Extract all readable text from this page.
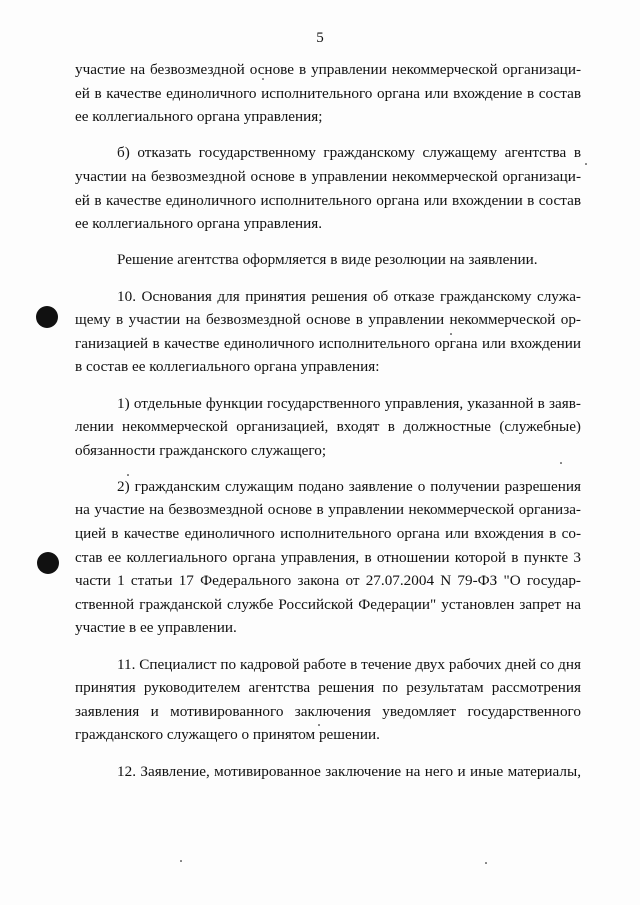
5

участие на безвозмездной основе в управлении некоммерческой организаци-
ей в качестве единоличного исполнительного органа или вхождение в состав
ее коллегиального органа управления;

б) отказать государственному гражданскому служащему агентства в
участии на безвозмездной основе в управлении некоммерческой организаци-
ей в качестве единоличного исполнительного органа или вхождении в состав
ее коллегиального органа управления.

Решение агентства оформляется в виде резолюции на заявлении.

10. Основания для принятия решения об отказе гражданскому служа-
щему в участии на безвозмездной основе в управлении некоммерческой ор-
ганизацией в качестве единоличного исполнительного органа или вхождении
в состав ее коллегиального органа управления:

1) отдельные функции государственного управления, указанной в заяв-
лении некоммерческой организацией, входят в должностные (служебные)
обязанности гражданского служащего;

2) гражданским служащим подано заявление о получении разрешения
на участие на безвозмездной основе в управлении некоммерческой организа-
цией в качестве единоличного исполнительного органа или вхождения в со-
став ее коллегиального органа управления, в отношении которой в пункте 3
части 1 статьи 17 Федерального закона от 27.07.2004 N 79-ФЗ "О государ-
ственной гражданской службе Российской Федерации" установлен запрет на
участие в ее управлении.

11. Специалист по кадровой работе в течение двух рабочих дней со дня
принятия руководителем агентства решения по результатам рассмотрения
заявления и мотивированного заключения уведомляет государственного
гражданского служащего о принятом решении.

12. Заявление, мотивированное заключение на него и иные материалы,
